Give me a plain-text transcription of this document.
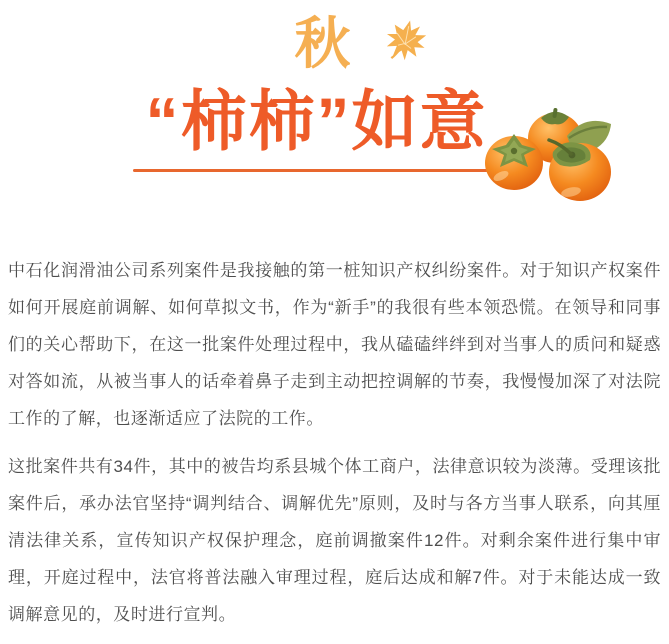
秋
“柿柿”如意

中石化润滑油公司系列案件是我接触的第一桩知识产权纠纷案件。对于知识产权案件如何开展庭前调解、如何草拟文书，作为“新手”的我很有些本领恐慌。在领导和同事们的关心帮助下，在这一批案件处理过程中，我从磕磕绊绊到对当事人的质问和疑惑对答如流，从被当事人的话牵着鼻子走到主动把控调解的节奏，我慢慢加深了对法院工作的了解，也逐渐适应了法院的工作。

这批案件共有34件，其中的被告均系县城个体工商户，法律意识较为淡薄。受理该批案件后，承办法官坚持“调判结合、调解优先”原则，及时与各方当事人联系，向其厘清法律关系，宣传知识产权保护理念，庭前调撤案件12件。对剩余案件进行集中审理，开庭过程中，法官将普法融入审理过程，庭后达成和解7件。对于未能达成一致调解意见的，及时进行宣判。
